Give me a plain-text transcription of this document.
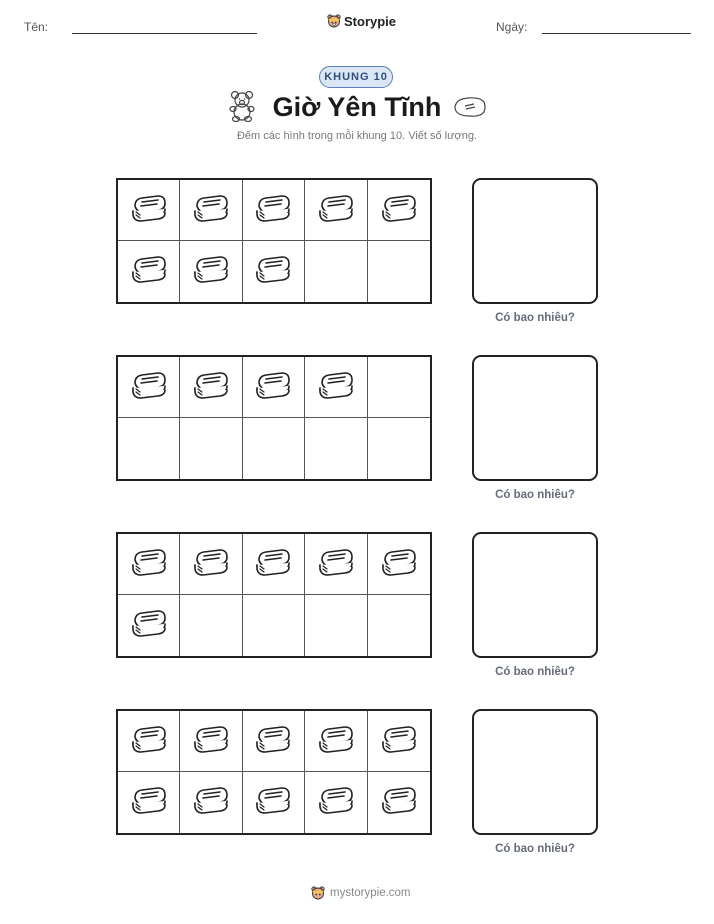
Tên:	Storypie	Ngày:
KHUNG 10
Giờ Yên Tĩnh
Đếm các hình trong mỗi khung 10. Viết số lượng.
Có bao nhiêu?
Có bao nhiêu?
Có bao nhiêu?
Có bao nhiêu?
mystorypie.com
